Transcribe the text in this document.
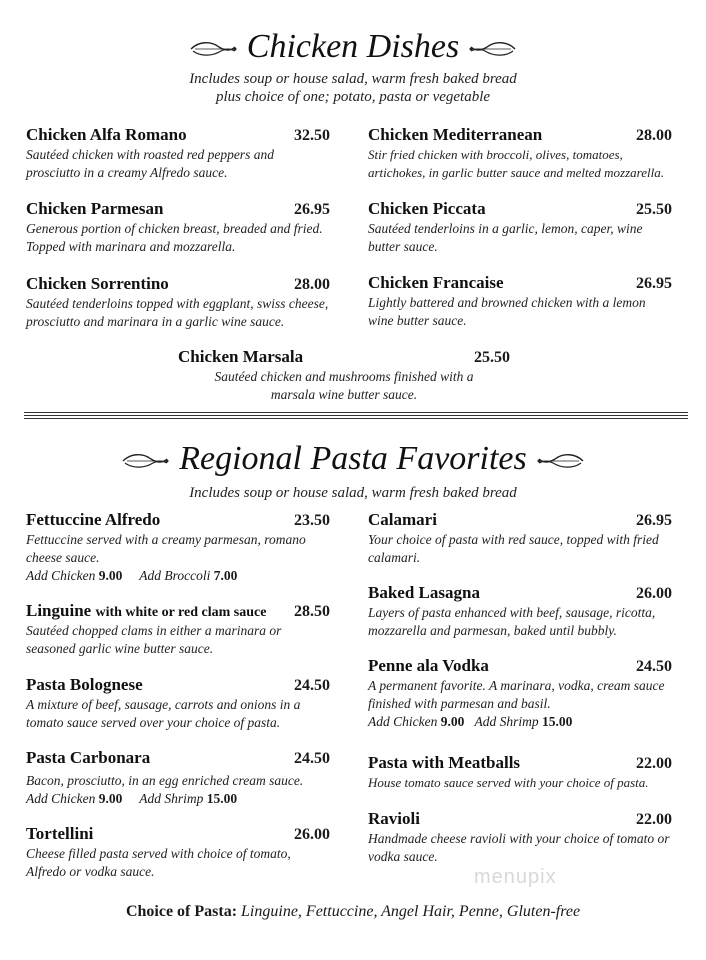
Chicken Dishes
Includes soup or house salad, warm fresh baked bread
plus choice of one; potato, pasta or vegetable
Chicken Alfa Romano	32.50
Sautéed chicken with roasted red peppers and prosciutto in a creamy Alfredo sauce.
Chicken Parmesan	26.95
Generous portion of chicken breast, breaded and fried. Topped with marinara and mozzarella.
Chicken Sorrentino	28.00
Sautéed tenderloins topped with eggplant, swiss cheese, prosciutto and marinara in a garlic wine sauce.
Chicken Mediterranean	28.00
Stir fried chicken with broccoli, olives, tomatoes, artichokes, in garlic butter sauce and melted mozzarella.
Chicken Piccata	25.50
Sautéed tenderloins in a garlic, lemon, caper, wine butter sauce.
Chicken Francaise	26.95
Lightly battered and browned chicken with a lemon wine butter sauce.
Chicken Marsala	25.50
Sautéed chicken and mushrooms finished with a
marsala wine butter sauce.
Regional Pasta Favorites
Includes soup or house salad, warm fresh baked bread
Fettuccine Alfredo	23.50
Fettuccine served with a creamy parmesan, romano cheese sauce.
Add Chicken 9.00 Add Broccoli 7.00
Linguine with white or red clam sauce 28.50
Sautéed chopped clams in either a marinara or seasoned garlic wine butter sauce.
Pasta Bolognese	24.50
A mixture of beef, sausage, carrots and onions in a tomato sauce served over your choice of pasta.
Pasta Carbonara	24.50
Bacon, prosciutto, in an egg enriched cream sauce.
Add Chicken 9.00 Add Shrimp 15.00
Tortellini	26.00
Cheese filled pasta served with choice of tomato, Alfredo or vodka sauce.
Calamari	26.95
Your choice of pasta with red sauce, topped with fried calamari.
Baked Lasagna	26.00
Layers of pasta enhanced with beef, sausage, ricotta, mozzarella and parmesan, baked until bubbly.
Penne ala Vodka	24.50
A permanent favorite. A marinara, vodka, cream sauce finished with parmesan and basil.
Add Chicken 9.00 Add Shrimp 15.00
Pasta with Meatballs	22.00
House tomato sauce served with your choice of pasta.
Ravioli	22.00
Handmade cheese ravioli with your choice of tomato or vodka sauce.
menupix
Choice of Pasta: Linguine, Fettuccine, Angel Hair, Penne, Gluten-free
